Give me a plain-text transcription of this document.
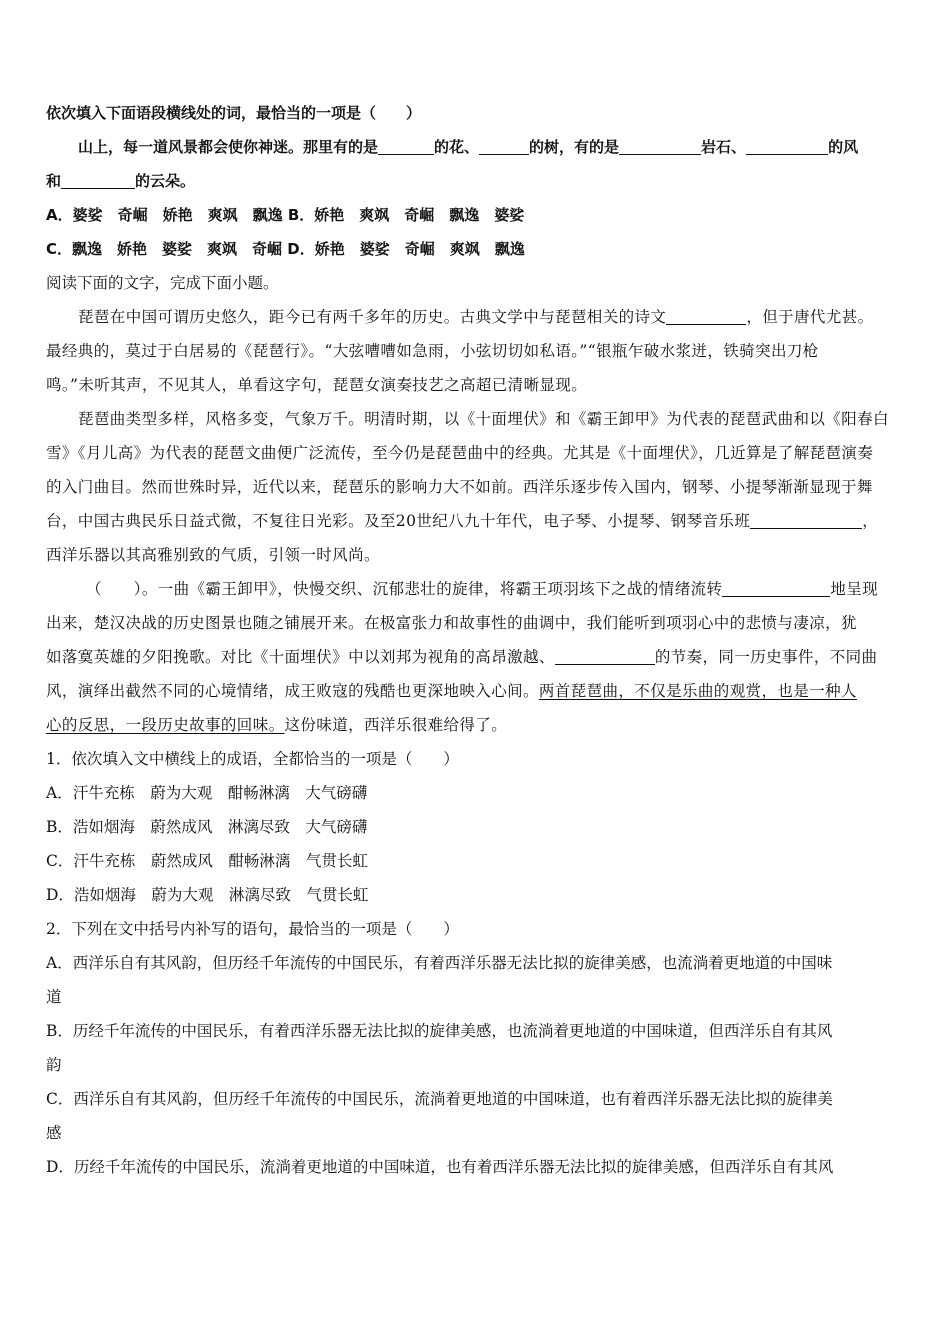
依次填入下面语段横线处的词，最恰当的一项是（　　）
山上，每一道风景都会使你神迷。那里有的是	的花、	的树，有的是	岩石、	的风
和	的云朵。
A．婆娑　奇崛　娇艳　爽飒　飘逸 B．娇艳　爽飒　奇崛　飘逸　婆娑
C．飘逸　娇艳　婆娑　爽飒　奇崛 D．娇艳　婆娑　奇崛　爽飒　飘逸
阅读下面的文字，完成下面小题。
琵琶在中国可谓历史悠久，距今已有两千多年的历史。古典文学中与琵琶相关的诗文	，但于唐代尤甚。
最经典的，莫过于白居易的《琵琶行》。“大弦嘈嘈如急雨，小弦切切如私语。”“银瓶乍破水浆迸，铁骑突出刀枪
鸣。”未听其声，不见其人，单看这字句，琵琶女演奏技艺之高超已清晰显现。
琵琶曲类型多样，风格多变，气象万千。明清时期，以《十面埋伏》和《霸王卸甲》为代表的琵琶武曲和以《阳春白
雪》《月儿高》为代表的琵琶文曲便广泛流传，至今仍是琵琶曲中的经典。尤其是《十面埋伏》，几近算是了解琵琶演奏
的入门曲目。然而世殊时异，近代以来，琵琶乐的影响力大不如前。西洋乐逐步传入国内，钢琴、小提琴渐渐显现于舞
台，中国古典民乐日益式微，不复往日光彩。及至20世纪八九十年代，电子琴、小提琴、钢琴音乐班	，
西洋乐器以其高雅别致的气质，引领一时风尚。
（　　）。一曲《霸王卸甲》，快慢交织、沉郁悲壮的旋律，将霸王项羽垓下之战的情绪流转	地呈现
出来，楚汉决战的历史图景也随之铺展开来。在极富张力和故事性的曲调中，我们能听到项羽心中的悲愤与凄凉，犹
如落寞英雄的夕阳挽歌。对比《十面埋伏》中以刘邦为视角的高昂激越、	的节奏，同一历史事件，不同曲
风，演绎出截然不同的心境情绪，成王败寇的残酷也更深地映入心间。两首琵琶曲，不仅是乐曲的观赏，也是一种人
心的反思，一段历史故事的回味。这份味道，西洋乐很难给得了。
1．依次填入文中横线上的成语，全都恰当的一项是（　　）
A．汗牛充栋　蔚为大观　酣畅淋漓　大气磅礴
B．浩如烟海　蔚然成风　淋漓尽致　大气磅礴
C．汗牛充栋　蔚然成风　酣畅淋漓　气贯长虹
D．浩如烟海　蔚为大观　淋漓尽致　气贯长虹
2．下列在文中括号内补写的语句，最恰当的一项是（　　）
A．西洋乐自有其风韵，但历经千年流传的中国民乐，有着西洋乐器无法比拟的旋律美感，也流淌着更地道的中国味
道
B．历经千年流传的中国民乐，有着西洋乐器无法比拟的旋律美感，也流淌着更地道的中国味道，但西洋乐自有其风
韵
C．西洋乐自有其风韵，但历经千年流传的中国民乐，流淌着更地道的中国味道，也有着西洋乐器无法比拟的旋律美
感
D．历经千年流传的中国民乐，流淌着更地道的中国味道，也有着西洋乐器无法比拟的旋律美感，但西洋乐自有其风
